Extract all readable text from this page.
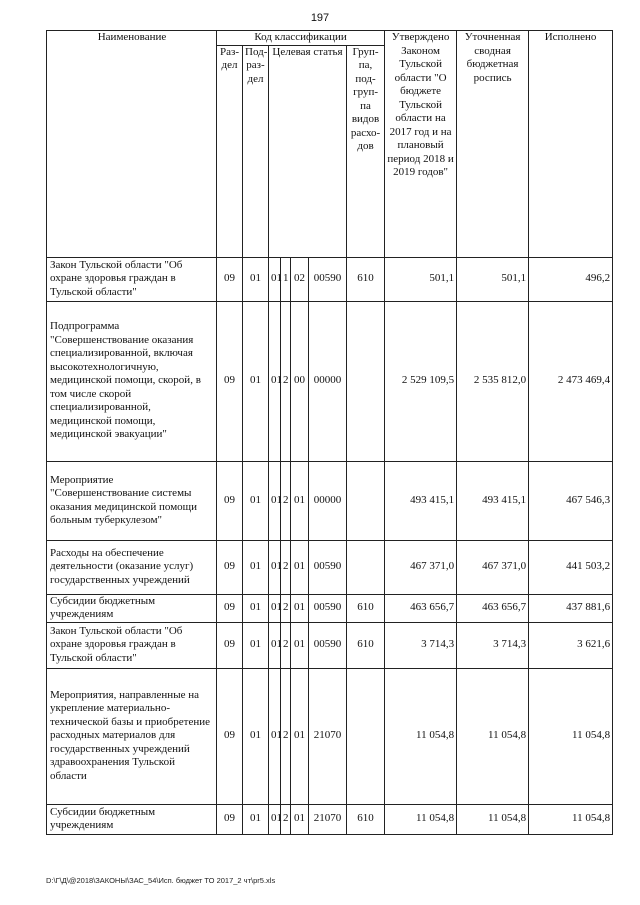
197
Наименование	Код классификации							Утверждено Законом Тульской области "О бюджете Тульской области на 2017 год и на плановый период 2018 и 2019 годов"	Уточненная сводная бюджетная роспись	Исполнено
	Раз-дел	Под-раз-дел	Целевая статья				Груп-па, под-груп-па видов расхо-дов			
Закон Тульской области "Об охране здоровья граждан в Тульской области"	09	01	01	1	02	00590	610	501,1	501,1	496,2
Подпрограмма "Совершенствование оказания специализированной, включая высокотехнологичную, медицинской помощи, скорой, в том числе скорой специализированной, медицинской помощи, медицинской эвакуации"	09	01	01	2	00	00000		2 529 109,5	2 535 812,0	2 473 469,4
Мероприятие "Совершенствование системы оказания медицинской помощи больным туберкулезом"	09	01	01	2	01	00000		493 415,1	493 415,1	467 546,3
Расходы на обеспечение деятельности (оказание услуг) государственных учреждений	09	01	01	2	01	00590		467 371,0	467 371,0	441 503,2
Субсидии бюджетным учреждениям	09	01	01	2	01	00590	610	463 656,7	463 656,7	437 881,6
Закон Тульской области "Об охране здоровья граждан в Тульской области"	09	01	01	2	01	00590	610	3 714,3	3 714,3	3 621,6
Мероприятия, направленные на укрепление материально-технической базы и приобретение расходных материалов для государственных учреждений здравоохранения Тульской области	09	01	01	2	01	21070		11 054,8	11 054,8	11 054,8
Субсидии бюджетным учреждениям	09	01	01	2	01	21070	610	11 054,8	11 054,8	11 054,8
D:\Г\Д\@2018\ЗАКОНЫ\ЗАС_54\Исп. бюджет ТО 2017_2 чт\pr5.xls
